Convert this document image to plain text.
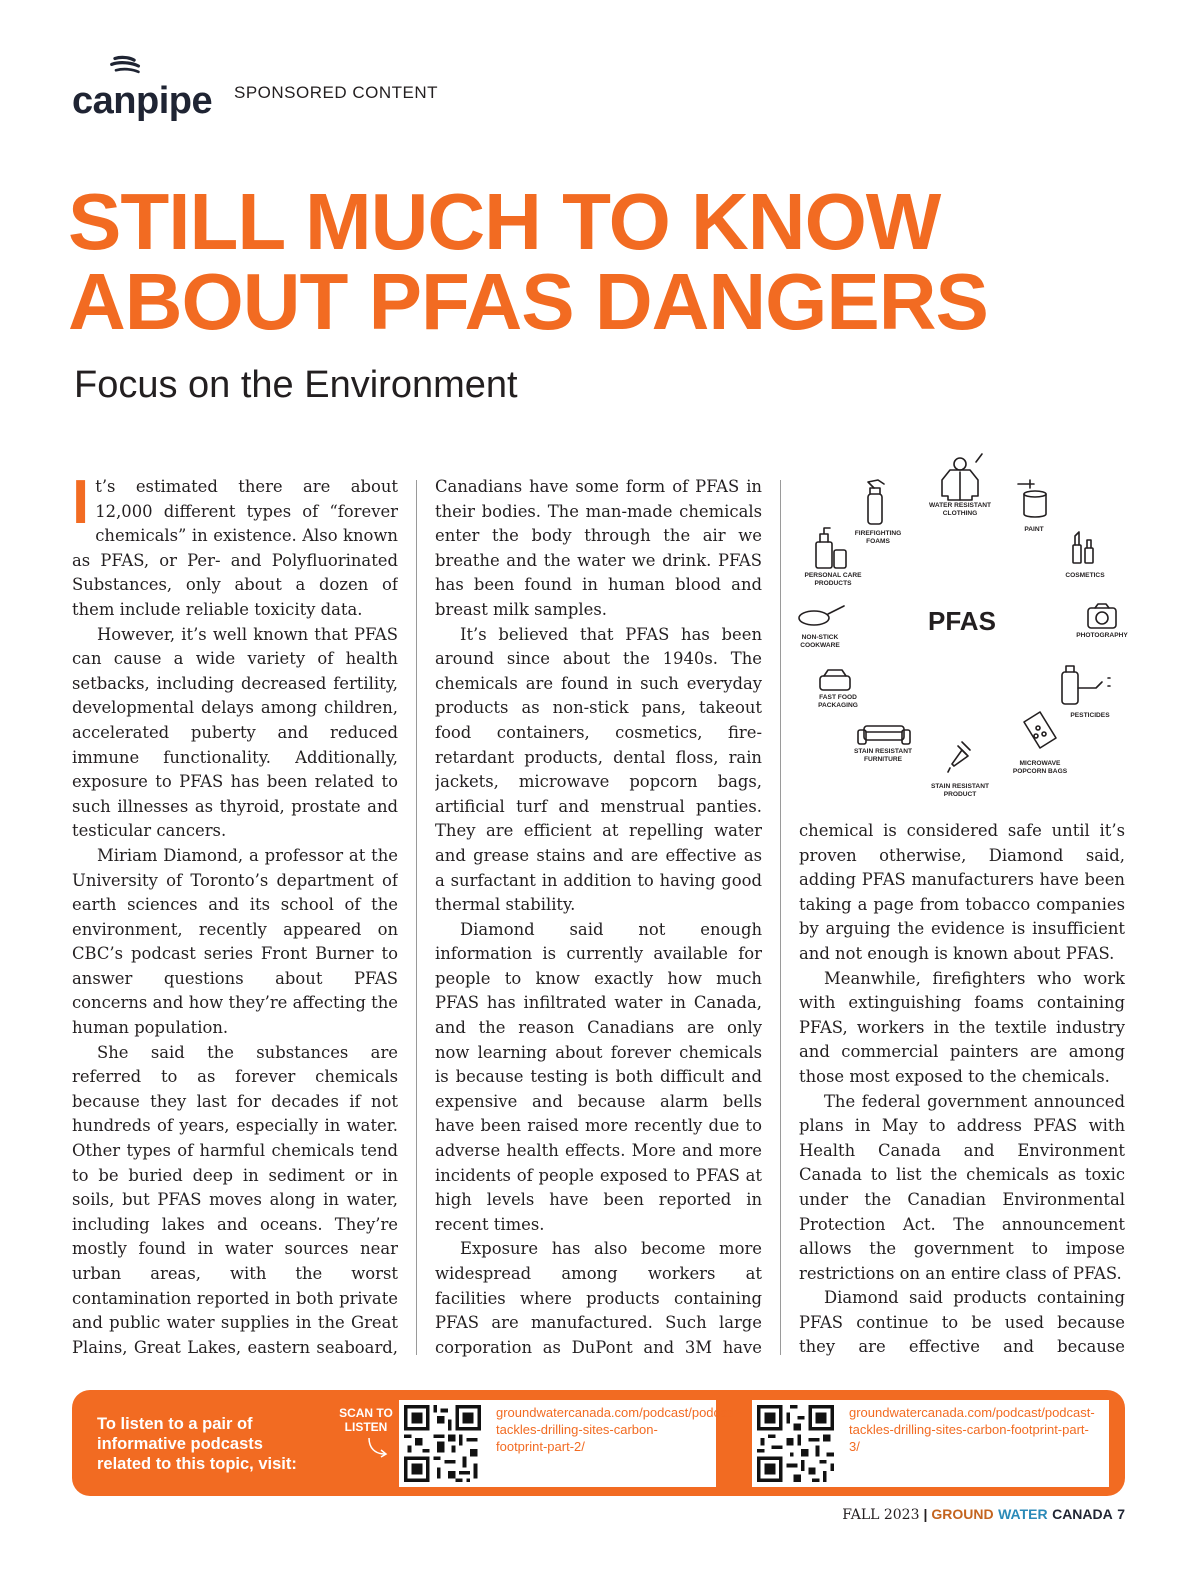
canpipe SPONSORED CONTENT
STILL MUCH TO KNOW
ABOUT PFAS DANGERS
Focus on the Environment

It’s estimated there are about 12,000 different types of “forever chemicals” in existence. Also known as PFAS, or Per- and Polyfluorinated Substances, only about a dozen of them include reliable toxicity data.

However, it’s well known that PFAS can cause a wide variety of health setbacks, including decreased fertility, developmental delays among children, accelerated puberty and reduced immune functionality. Additionally, exposure to PFAS has been related to such illnesses as thyroid, prostate and testicular cancers.

Miriam Diamond, a professor at the University of Toronto’s department of earth sciences and its school of the environment, recently appeared on CBC’s podcast series Front Burner to answer questions about PFAS concerns and how they’re affecting the human population.

She said the substances are referred to as forever chemicals because they last for decades if not hundreds of years, especially in water. Other types of harmful chemicals tend to be buried deep in sediment or in soils, but PFAS moves along in water, including lakes and oceans. They’re mostly found in water sources near urban areas, with the worst contamination reported in both private and public water supplies in the Great Plains, Great Lakes, eastern seaboard,

Canadians have some form of PFAS in their bodies. The man-made chemicals enter the body through the air we breathe and the water we drink. PFAS has been found in human blood and breast milk samples.

It’s believed that PFAS has been around since about the 1940s. The chemicals are found in such everyday products as non-stick pans, takeout food containers, cosmetics, fire-retardant products, dental floss, rain jackets, microwave popcorn bags, artificial turf and menstrual panties. They are efficient at repelling water and grease stains and are effective as a surfactant in addition to having good thermal stability.

Diamond said not enough information is currently available for people to know exactly how much PFAS has infiltrated water in Canada, and the reason Canadians are only now learning about forever chemicals is because testing is both difficult and expensive and because alarm bells have been raised more recently due to adverse health effects. More and more incidents of people exposed to PFAS at high levels have been reported in recent times.

Exposure has also become more widespread among workers at facilities where products containing PFAS are manufactured. Such large corporation as DuPont and 3M have

PFAS
WATER RESISTANT CLOTHING
PAINT
COSMETICS
PHOTOGRAPHY
PESTICIDES
MICROWAVE POPCORN BAGS
STAIN RESISTANT PRODUCT
STAIN RESISTANT FURNITURE
FAST FOOD PACKAGING
NON-STICK COOKWARE
PERSONAL CARE PRODUCTS
FIREFIGHTING FOAMS

chemical is considered safe until it’s proven otherwise, Diamond said, adding PFAS manufacturers have been taking a page from tobacco companies by arguing the evidence is insufficient and not enough is known about PFAS.

Meanwhile, firefighters who work with extinguishing foams containing PFAS, workers in the textile industry and commercial painters are among those most exposed to the chemicals.

The federal government announced plans in May to address PFAS with Health Canada and Environment Canada to list the chemicals as toxic under the Canadian Environmental Protection Act. The announcement allows the government to impose restrictions on an entire class of PFAS.

Diamond said products containing PFAS continue to be used because they are effective and because

To listen to a pair of informative podcasts related to this topic, visit:
SCAN TO LISTEN
groundwatercanada.com/podcast/podcast-tackles-drilling-sites-carbon-footprint-part-2/
groundwatercanada.com/podcast/podcast-tackles-drilling-sites-carbon-footprint-part-3/
FALL 2023 | GROUND WATER CANADA 7
